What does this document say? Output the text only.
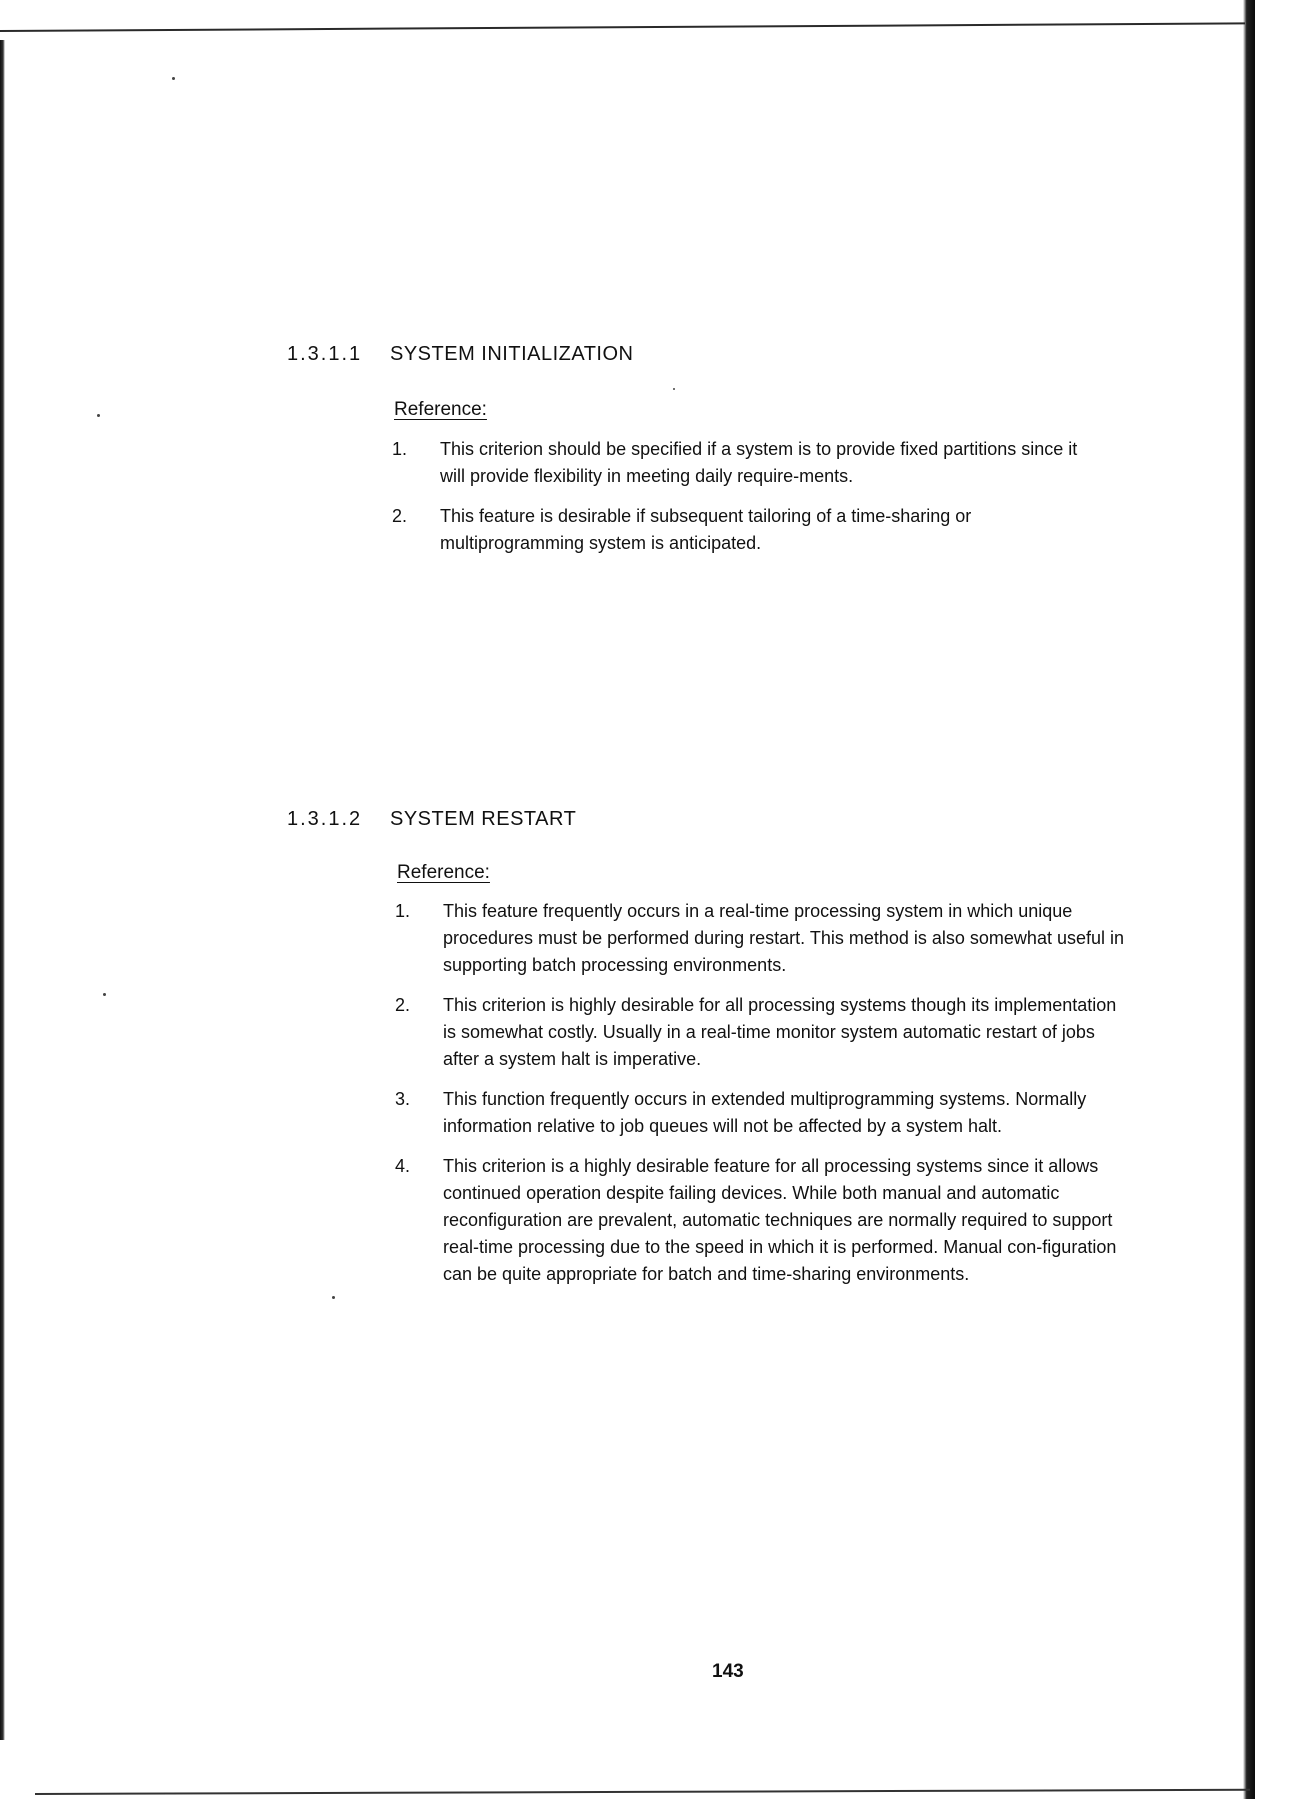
1.3.1.1 SYSTEM INITIALIZATION
Reference:
1.	This criterion should be specified if a system is to provide fixed partitions since it will provide flexibility in meeting daily require-ments.
2.	This feature is desirable if subsequent tailoring of a time-sharing or multiprogramming system is anticipated.
1.3.1.2 SYSTEM RESTART
Reference:
1.	This feature frequently occurs in a real-time processing system in which unique procedures must be performed during restart. This method is also somewhat useful in supporting batch processing environments.
2.	This criterion is highly desirable for all processing systems though its implementation is somewhat costly. Usually in a real-time monitor system automatic restart of jobs after a system halt is imperative.
3.	This function frequently occurs in extended multiprogramming systems. Normally information relative to job queues will not be affected by a system halt.
4.	This criterion is a highly desirable feature for all processing systems since it allows continued operation despite failing devices. While both manual and automatic reconfiguration are prevalent, automatic techniques are normally required to support real-time processing due to the speed in which it is performed. Manual con-figuration can be quite appropriate for batch and time-sharing environments.
143
